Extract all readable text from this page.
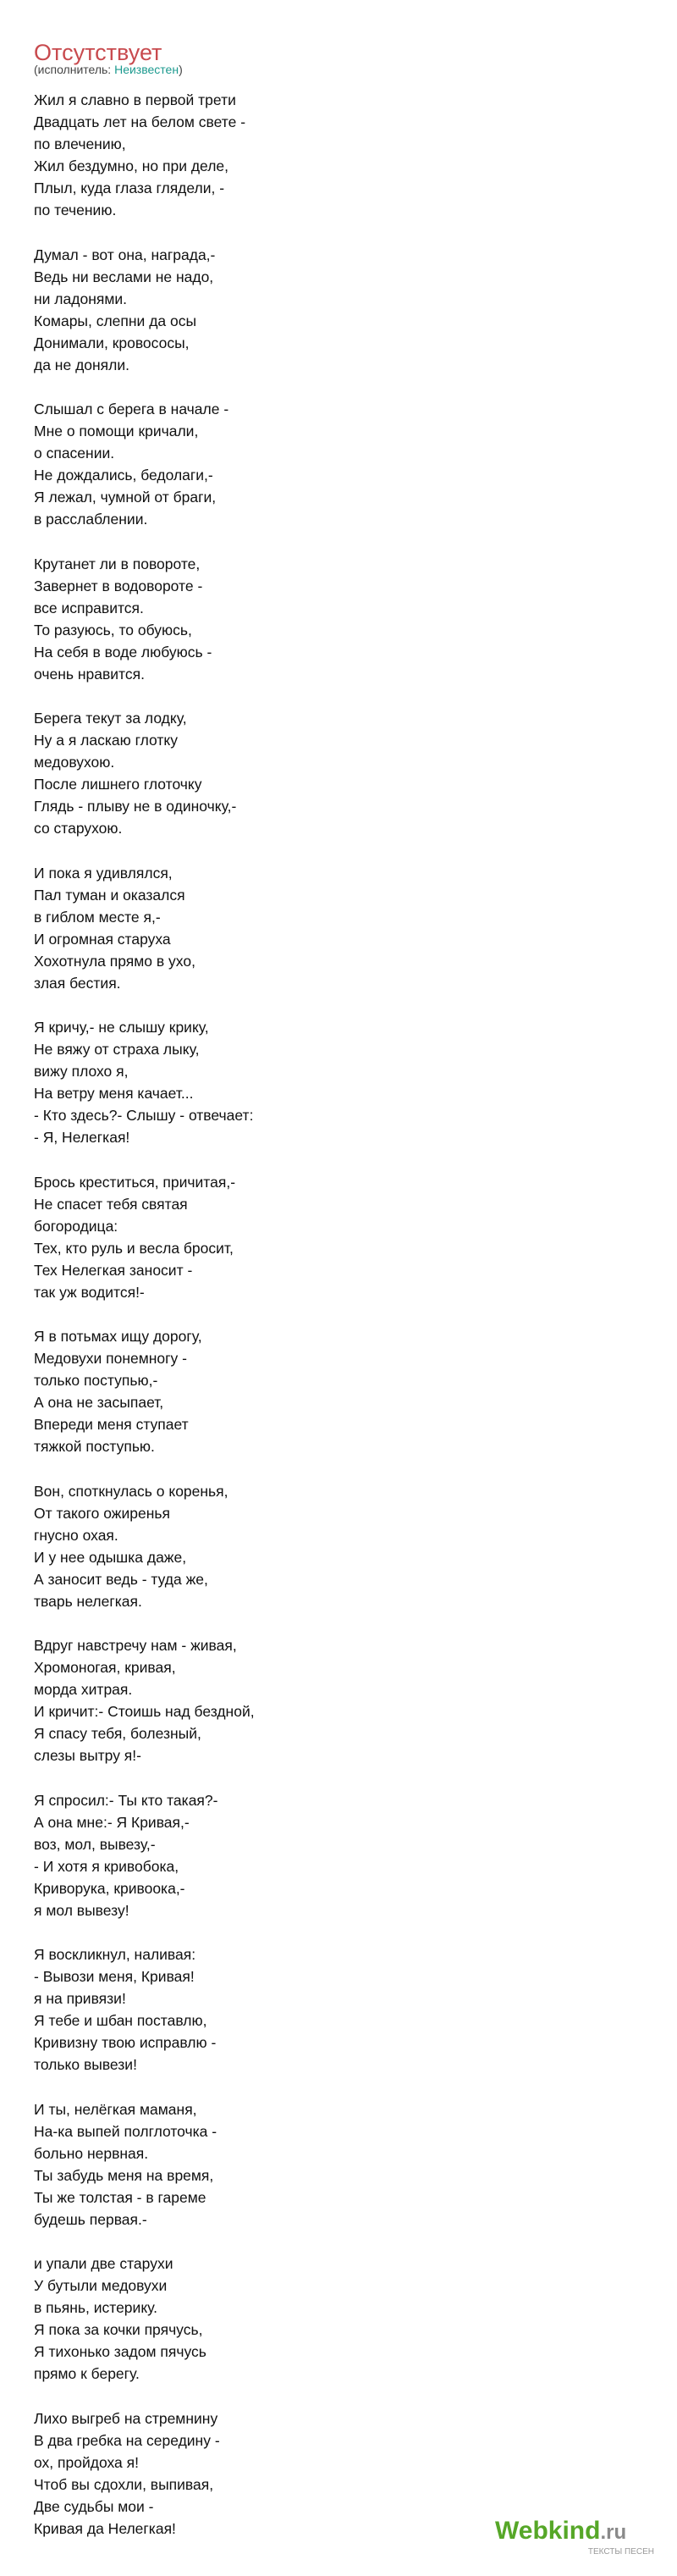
Отсутствует
(исполнитель: Неизвестен)
Жил я славно в первой трети
Двадцать лет на белом свете -
по влечению,
Жил бездумно, но при деле,
Плыл, куда глаза глядели, -
по течению.
Думал - вот она, награда,-
Ведь ни веслами не надо,
ни ладонями.
Комары, слепни да осы
Донимали, кровососы,
да не доняли.
Слышал с берега в начале -
Мне о помощи кричали,
о спасении.
Не дождались, бедолаги,-
Я лежал, чумной от браги,
в расслаблении.
Крутанет ли в повороте,
Завернет в водовороте -
все исправится.
То разуюсь, то обуюсь,
На себя в воде любуюсь -
очень нравится.
Берега текут за лодку,
Ну а я ласкаю глотку
медовухою.
После лишнего глоточку
Глядь - плыву не в одиночку,-
со старухою.
И пока я удивлялся,
Пал туман и оказался
в гиблом месте я,-
И огромная старуха
Хохотнула прямо в ухо,
злая бестия.
Я кричу,- не слышу крику,
Не вяжу от страха лыку,
вижу плохо я,
На ветру меня качает...
- Кто здесь?- Слышу - отвечает:
- Я, Нелегкая!
Брось креститься, причитая,-
Не спасет тебя святая
богородица:
Тех, кто руль и весла бросит,
Тех Нелегкая заносит -
так уж водится!-
Я в потьмах ищу дорогу,
Медовухи понемногу -
только поступью,-
А она не засыпает,
Впереди меня ступает
тяжкой поступью.
Вон, споткнулась о коренья,
От такого ожиренья
гнусно охая.
И у нее одышка даже,
А заносит ведь - туда же,
тварь нелегкая.
Вдруг навстречу нам - живая,
Хромоногая, кривая,
морда хитрая.
И кричит:- Стоишь над бездной,
Я спасу тебя, болезный,
слезы вытру я!-
Я спросил:- Ты кто такая?-
А она мне:- Я Кривая,-
воз, мол, вывезу,-
- И хотя я кривобока,
Криворука, кривоока,-
я мол вывезу!
Я воскликнул, наливая:
- Вывози меня, Кривая!
я на привязи!
Я тебе и шбан поставлю,
Кривизну твою исправлю -
только вывези!
И ты, нелёгкая маманя,
На-ка выпей полглоточка -
больно нервная.
Ты забудь меня на время,
Ты же толстая - в гареме
будешь первая.-
и упали две старухи
У бутыли медовухи
в пьянь, истерику.
Я пока за кочки прячусь,
Я тихонько задом пячусь
прямо к берегу.
Лихо выгреб на стремнину
В два гребка на середину -
ох, пройдоха я!
Чтоб вы сдохли, выпивая,
Две судьбы мои -
Кривая да Нелегкая!	Webkind.ru
ТЕКСТЫ ПЕСЕН
